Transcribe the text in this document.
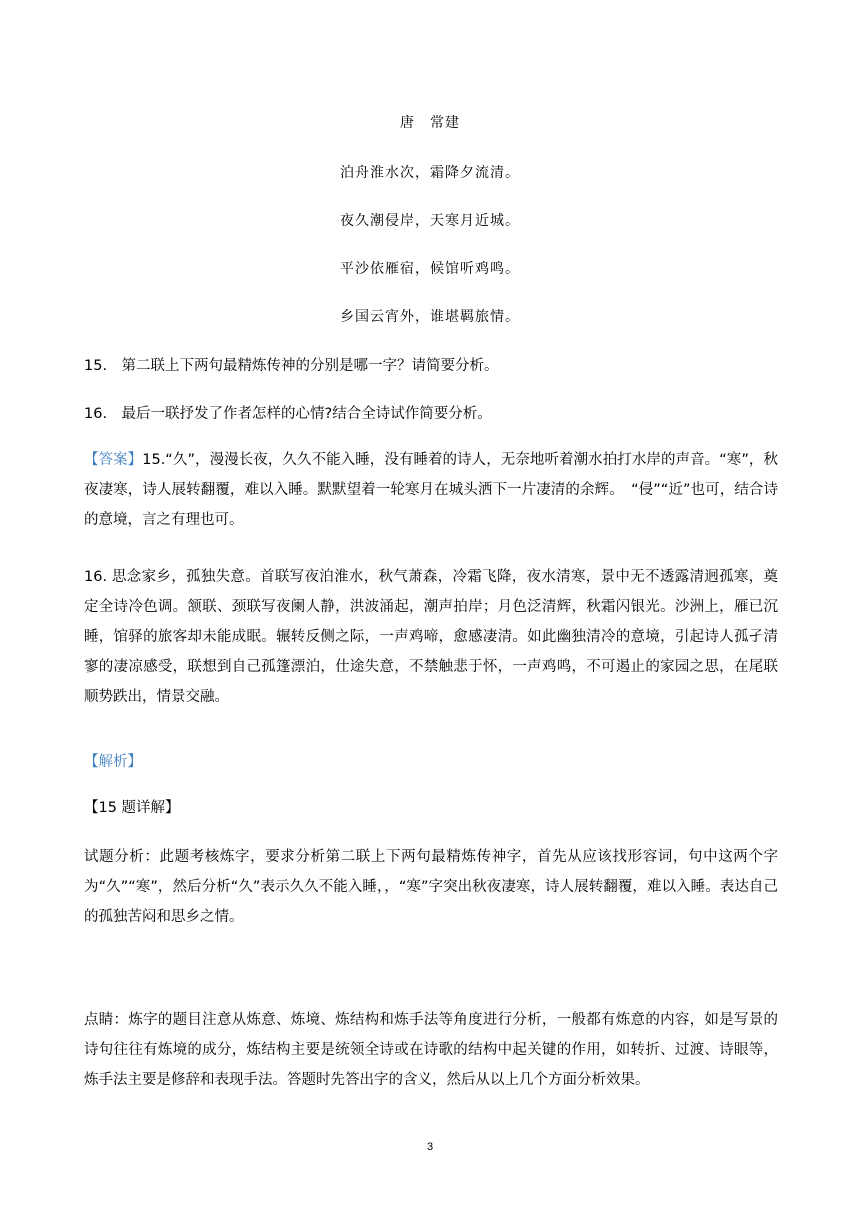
唐　常建
泊舟淮水次，霜降夕流清。
夜久潮侵岸，天寒月近城。
平沙依雁宿，候馆听鸡鸣。
乡国云宵外，谁堪羁旅情。
15.　第二联上下两句最精炼传神的分别是哪一字？请简要分析。
16.　最后一联抒发了作者怎样的心情?结合全诗试作简要分析。
【答案】15.“久”，漫漫长夜，久久不能入睡，没有睡着的诗人，无奈地听着潮水拍打水岸的声音。“寒”，秋夜凄寒，诗人展转翻覆，难以入睡。默默望着一轮寒月在城头洒下一片凄清的余辉。　“侵”“近”也可，结合诗的意境，言之有理也可。
16. 思念家乡，孤独失意。首联写夜泊淮水，秋气萧森，冷霜飞降，夜水清寒，景中无不透露清迥孤寒，奠定全诗冷色调。颔联、颈联写夜阑人静，洪波涌起，潮声拍岸；月色泛清辉，秋霜闪银光。沙洲上，雁已沉睡，馆驿的旅客却未能成眠。辗转反侧之际，一声鸡啼，愈感凄清。如此幽独清冷的意境，引起诗人孤孑清寥的凄凉感受，联想到自己孤篷漂泊，仕途失意，不禁触悲于怀，一声鸡鸣，不可遏止的家园之思，在尾联顺势跌出，情景交融。
【解析】
【15 题详解】
试题分析：此题考核炼字，要求分析第二联上下两句最精炼传神字，首先从应该找形容词，句中这两个字为“久”“寒”，然后分析“久”表示久久不能入睡，，“寒”字突出秋夜凄寒，诗人展转翻覆，难以入睡。表达自己的孤独苦闷和思乡之情。
点睛：炼字的题目注意从炼意、炼境、炼结构和炼手法等角度进行分析，一般都有炼意的内容，如是写景的诗句往往有炼境的成分，炼结构主要是统领全诗或在诗歌的结构中起关键的作用，如转折、过渡、诗眼等，炼手法主要是修辞和表现手法。答题时先答出字的含义，然后从以上几个方面分析效果。
3
